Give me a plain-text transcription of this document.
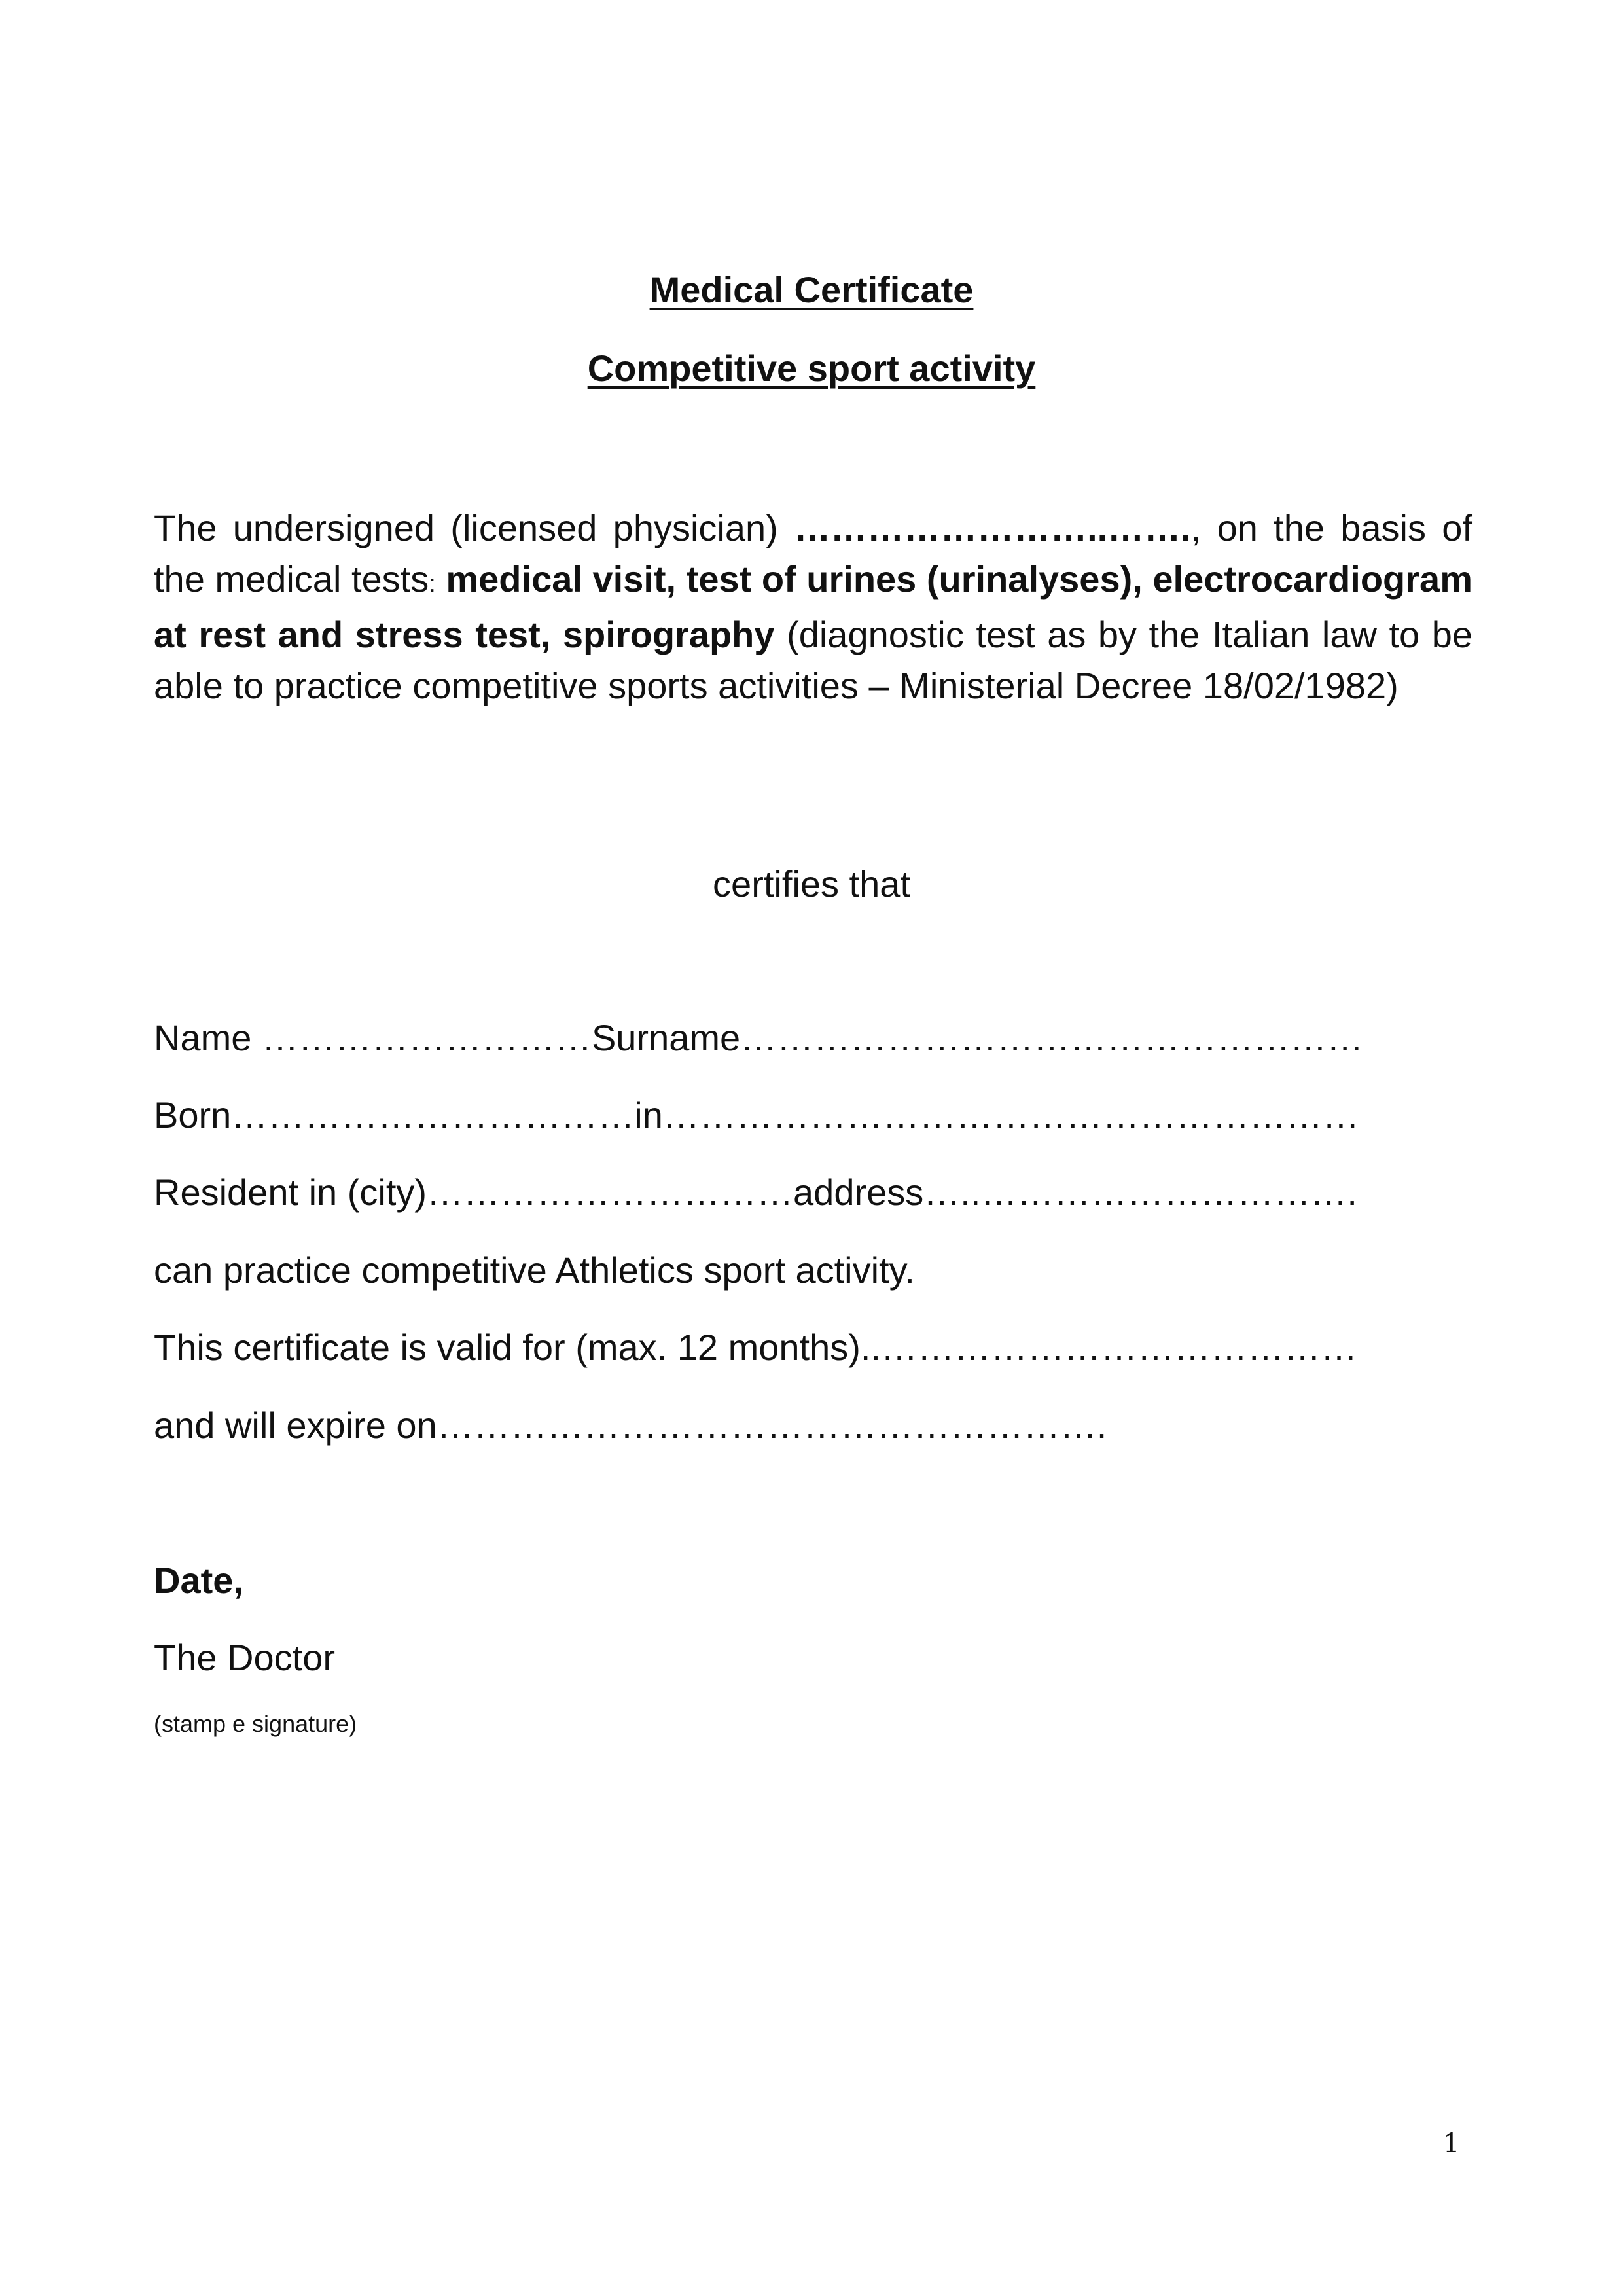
Medical Certificate
Competitive sport activity
The undersigned (licensed physician) ……………………..……., on the basis of the medical tests: medical visit, test of urines (urinalyses), electrocardiogram at rest and stress test, spirography (diagnostic test as by the Italian law to be able to practice competitive sports activities – Ministerial Decree 18/02/1982)
certifies that
Name ………………………Surname……………………………………………
Born……………………………in…………………………………………………
Resident in (city)…………………………address…..………………………….
can practice competitive Athletics sport activity.
This certificate is valid for (max. 12 months)..…………………………………
and will expire on……………………………………………….
Date,
The Doctor
(stamp e signature)
1
